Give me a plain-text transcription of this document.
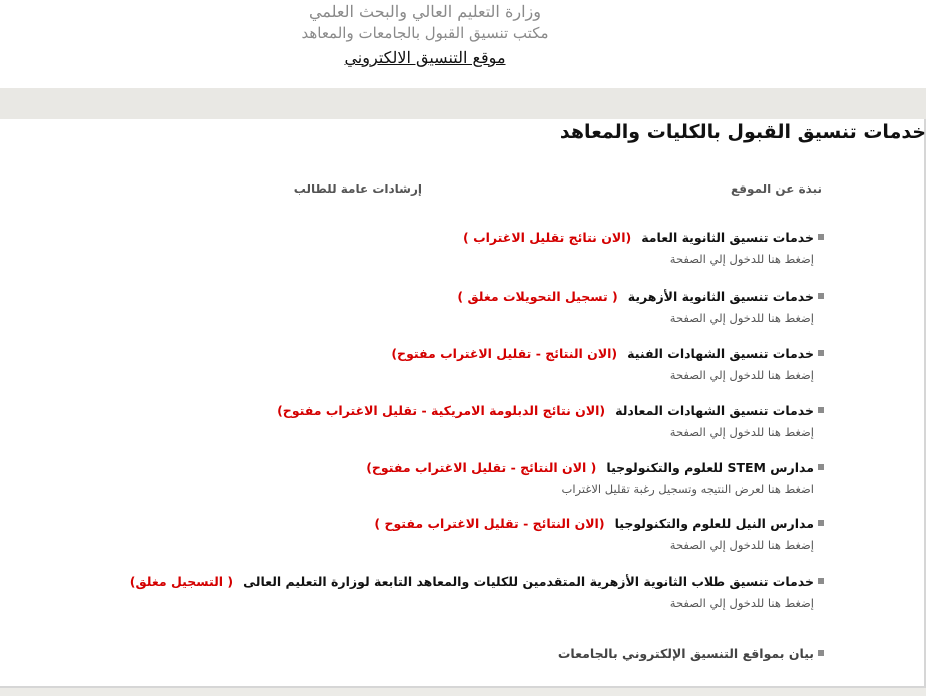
وزارة التعليم العالي والبحث العلمي
مكتب تنسيق القبول بالجامعات والمعاهد
موقع التنسيق الالكتروني
خدمات تنسيق القبول بالكليات والمعاهد
نبذة عن الموقع
إرشادات عامة للطالب
خدمات تنسيق الثانوية العامة(الان نتائج تقليل الاغتراب )
إضغط هنا للدخول إلي الصفحة
خدمات تنسيق الثانوية الأزهرية( تسجيل التحويلات مغلق )
إضغط هنا للدخول إلي الصفحة
خدمات تنسيق الشهادات الفنية(الان النتائج - تقليل الاغتراب مفتوح)
إضغط هنا للدخول إلي الصفحة
خدمات تنسيق الشهادات المعادلة(الان نتائج الدبلومة الامريكية - تقليل الاغتراب مفتوح)
إضغط هنا للدخول إلي الصفحة
مدارس STEM للعلوم والتكنولوجيا( الان النتائج - تقليل الاغتراب مفتوح)
اضغط هنا لعرض النتيجه وتسجيل رغبة تقليل الاغتراب
مدارس النيل للعلوم والتكنولوجيا(الان النتائج - تقليل الاغتراب مفتوح )
إضغط هنا للدخول إلي الصفحة
خدمات تنسيق طلاب الثانوية الأزهرية المتقدمين للكليات والمعاهد التابعة لوزارة التعليم العالى( التسجيل مغلق)
إضغط هنا للدخول إلي الصفحة
بيان بمواقع التنسيق الإلكتروني بالجامعات
